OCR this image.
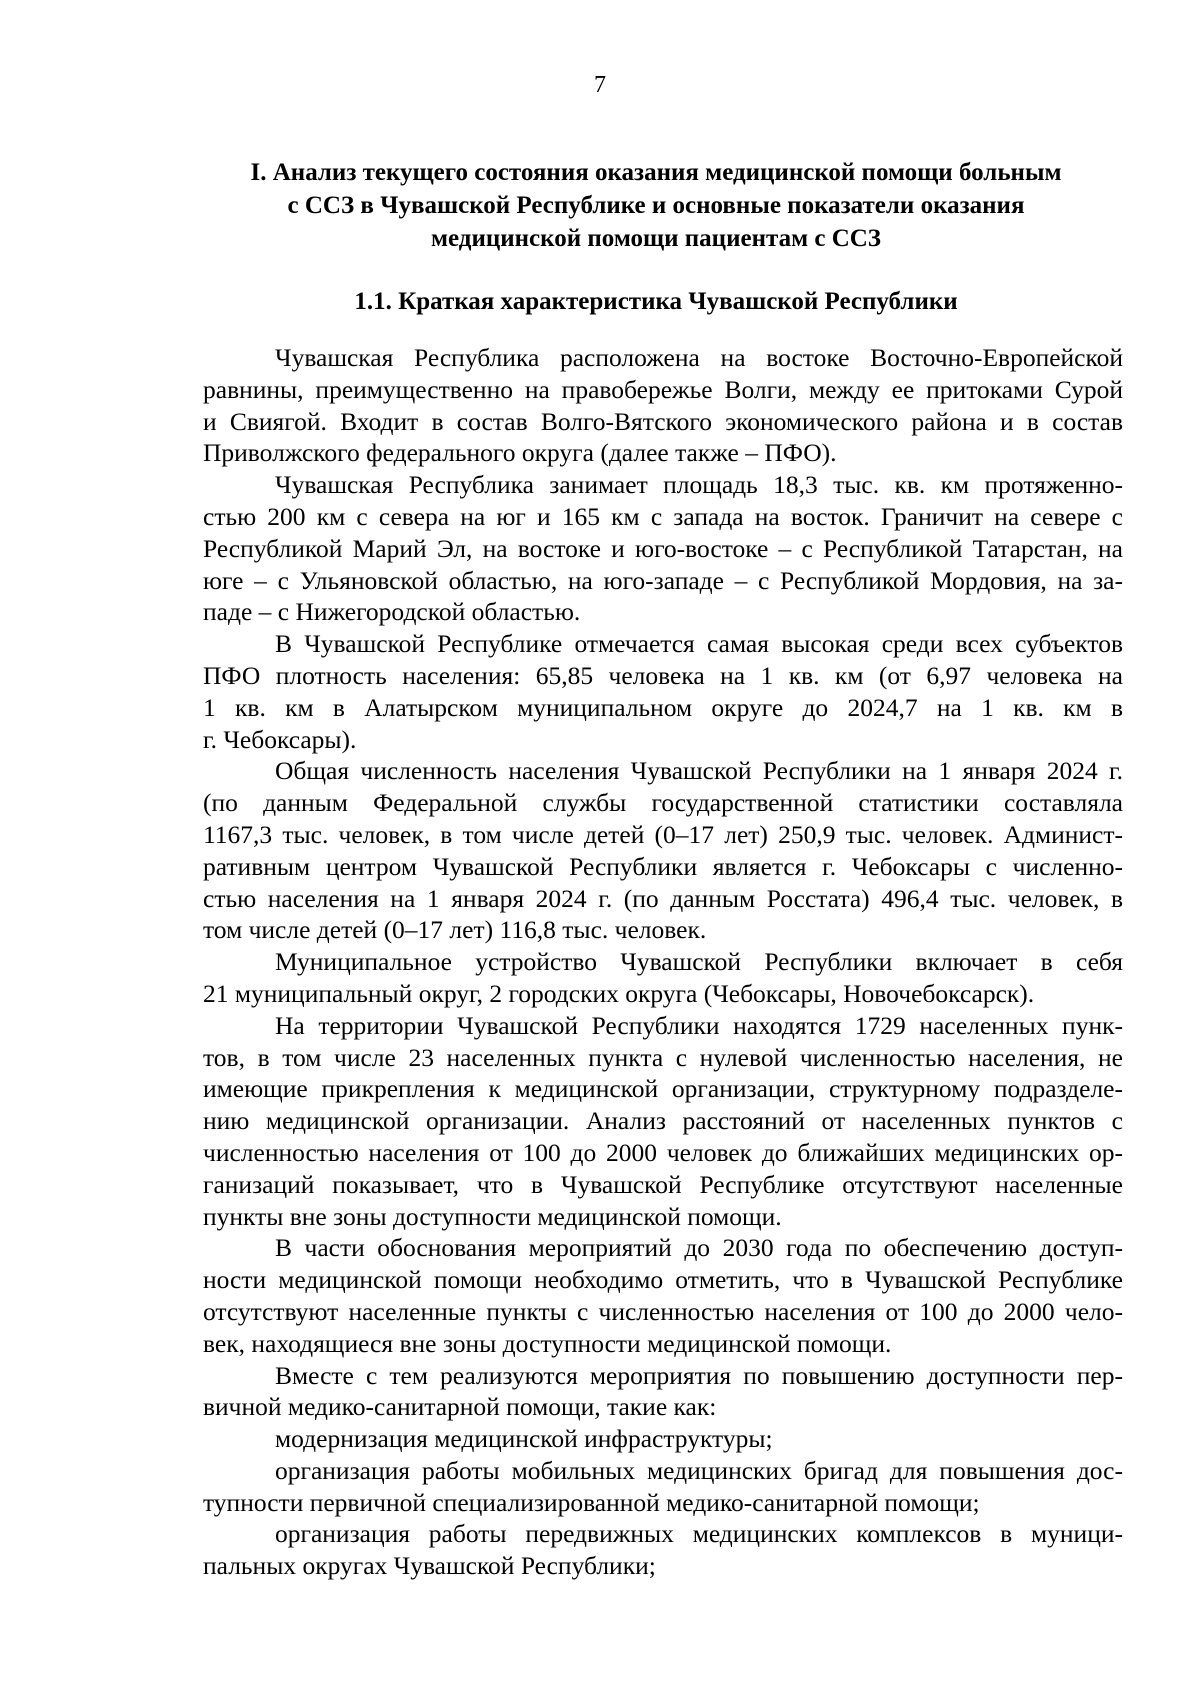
7
I. Анализ текущего состояния оказания медицинской помощи больным
с ССЗ в Чувашской Республике и основные показатели оказания
медицинской помощи пациентам с ССЗ
1.1. Краткая характеристика Чувашской Республики
Чувашская Республика расположена на востоке Восточно-Европейской
равнины, преимущественно на правобережье Волги, между ее притоками Сурой
и Свиягой. Входит в состав Волго-Вятского экономического района и в состав
Приволжского федерального округа (далее также – ПФО).
Чувашская Республика занимает площадь 18,3 тыс. кв. км протяженно-
стью 200 км с севера на юг и 165 км с запада на восток. Граничит на севере с
Республикой Марий Эл, на востоке и юго-востоке – с Республикой Татарстан, на
юге – с Ульяновской областью, на юго-западе – с Республикой Мордовия, на за-
паде – с Нижегородской областью.
В Чувашской Республике отмечается самая высокая среди всех субъектов
ПФО плотность населения: 65,85 человека на 1 кв. км (от 6,97 человека на
1 кв. км в Алатырском муниципальном округе до 2024,7 на 1 кв. км в
г. Чебоксары).
Общая численность населения Чувашской Республики на 1 января 2024 г.
(по данным Федеральной службы государственной статистики составляла
1167,3 тыс. человек, в том числе детей (0–17 лет) 250,9 тыс. человек. Админист-
ративным центром Чувашской Республики является г. Чебоксары с численно-
стью населения на 1 января 2024 г. (по данным Росстата) 496,4 тыс. человек, в
том числе детей (0–17 лет) 116,8 тыс. человек.
Муниципальное устройство Чувашской Республики включает в себя
21 муниципальный округ, 2 городских округа (Чебоксары, Новочебоксарск).
На территории Чувашской Республики находятся 1729 населенных пунк-
тов, в том числе 23 населенных пункта с нулевой численностью населения, не
имеющие прикрепления к медицинской организации, структурному подразделе-
нию медицинской организации. Анализ расстояний от населенных пунктов с
численностью населения от 100 до 2000 человек до ближайших медицинских ор-
ганизаций показывает, что в Чувашской Республике отсутствуют населенные
пункты вне зоны доступности медицинской помощи.
В части обоснования мероприятий до 2030 года по обеспечению доступ-
ности медицинской помощи необходимо отметить, что в Чувашской Республике
отсутствуют населенные пункты с численностью населения от 100 до 2000 чело-
век, находящиеся вне зоны доступности медицинской помощи.
Вместе с тем реализуются мероприятия по повышению доступности пер-
вичной медико-санитарной помощи, такие как:
модернизация медицинской инфраструктуры;
организация работы мобильных медицинских бригад для повышения дос-
тупности первичной специализированной медико-санитарной помощи;
организация работы передвижных медицинских комплексов в муници-
пальных округах Чувашской Республики;
